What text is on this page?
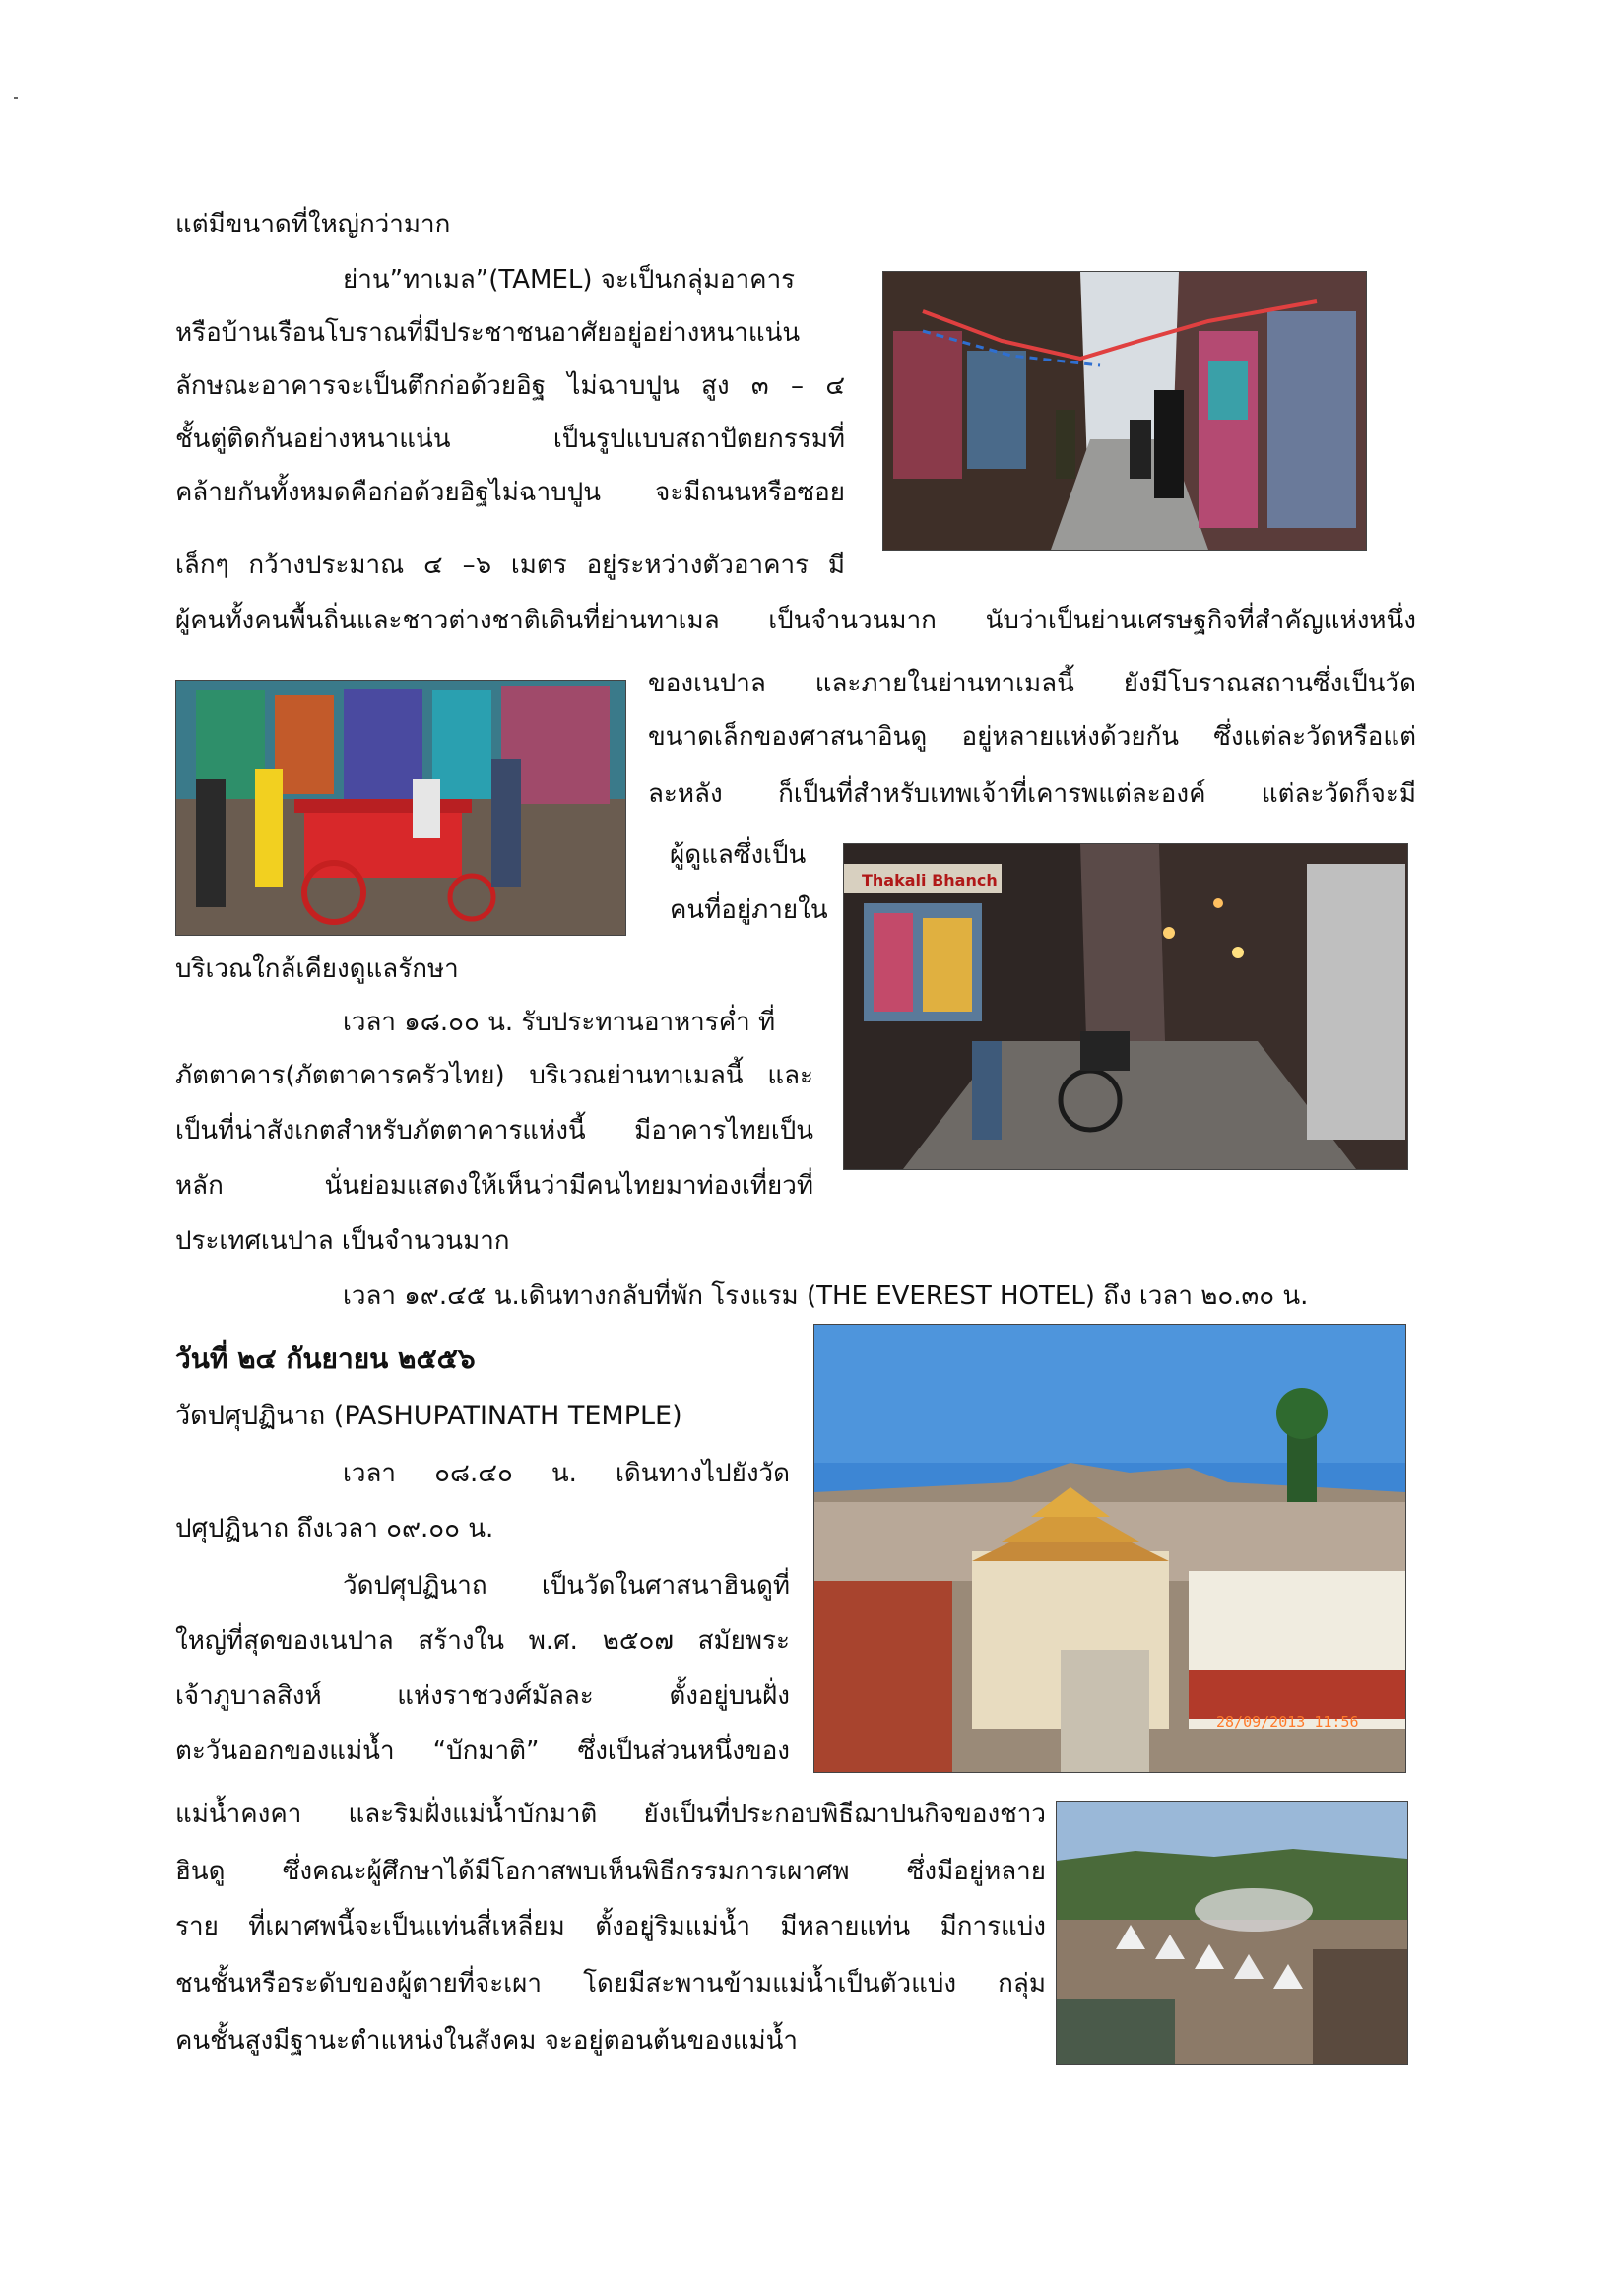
แต่มีขนาดที่ใหญ่กว่ามาก
ย่าน”ทาเมล”(TAMEL) จะเป็นกลุ่มอาคาร
หรือบ้านเรือนโบราณที่มีประชาชนอาศัยอยู่อย่างหนาแน่น
ลักษณะอาคารจะเป็นตึกก่อด้วยอิฐ ไม่ฉาบปูน สูง ๓ – ๔
ชั้นตู่ติดกันอย่างหนาแน่น เป็นรูปแบบสถาปัตยกรรมที่
คล้ายกันทั้งหมดคือก่อด้วยอิฐไม่ฉาบปูน จะมีถนนหรือซอย
เล็กๆ กว้างประมาณ ๔ –๖ เมตร อยู่ระหว่างตัวอาคาร มี
ผู้คนทั้งคนพื้นถิ่นและชาวต่างชาติเดินที่ย่านทาเมล เป็นจำนวนมาก นับว่าเป็นย่านเศรษฐกิจที่สำคัญแห่งหนึ่ง
ของเนปาล และภายในย่านทาเมลนี้ ยังมีโบราณสถานซึ่งเป็นวัด
ขนาดเล็กของศาสนาอินดู อยู่หลายแห่งด้วยกัน ซึ่งแต่ละวัดหรือแต่
ละหลัง ก็เป็นที่สำหรับเทพเจ้าที่เคารพแต่ละองค์ แต่ละวัดก็จะมี
ผู้ดูแลซึ่งเป็น
คนที่อยู่ภายใน
บริเวณใกล้เคียงดูแลรักษา
เวลา ๑๘.๐๐ น. รับประทานอาหารค่ำ ที่
ภัตตาคาร(ภัตตาคารครัวไทย) บริเวณย่านทาเมลนี้ และ
เป็นที่น่าสังเกตสำหรับภัตตาคารแห่งนี้ มีอาคารไทยเป็น
หลัก นั่นย่อมแสดงให้เห็นว่ามีคนไทยมาท่องเที่ยวที่
ประเทศเนปาล เป็นจำนวนมาก
เวลา ๑๙.๔๕ น.เดินทางกลับที่พัก โรงแรม (THE EVEREST HOTEL) ถึง เวลา ๒๐.๓๐ น.
วันที่ ๒๔ กันยายน ๒๕๕๖
วัดปศุปฏินาถ (PASHUPATINATH TEMPLE)
เวลา ๐๘.๔๐ น. เดินทางไปยังวัด
ปศุปฏินาถ ถึงเวลา ๐๙.๐๐ น.
วัดปศุปฏินาถ เป็นวัดในศาสนาฮินดูที่
ใหญ่ที่สุดของเนปาล สร้างใน พ.ศ. ๒๕๐๗ สมัยพระ
เจ้าภูบาลสิงห์ แห่งราชวงศ์มัลละ ตั้งอยู่บนฝั่ง
ตะวันออกของแม่น้ำ “บักมาติ” ซึ่งเป็นส่วนหนึ่งของ
แม่น้ำคงคา และริมฝั่งแม่น้ำบักมาติ ยังเป็นที่ประกอบพิธีฌาปนกิจของชาว
ฮินดู ซึ่งคณะผู้ศึกษาได้มีโอกาสพบเห็นพิธีกรรมการเผาศพ ซึ่งมีอยู่หลาย
ราย ที่เผาศพนี้จะเป็นแท่นสี่เหลี่ยม ตั้งอยู่ริมแม่น้ำ มีหลายแท่น มีการแบ่ง
ชนชั้นหรือระดับของผู้ตายที่จะเผา โดยมีสะพานข้ามแม่น้ำเป็นตัวแบ่ง กลุ่ม
คนชั้นสูงมีฐานะตำแหน่งในสังคม จะอยู่ตอนต้นของแม่น้ำ
Thakali Bhanch
28/09/2013 11:56
